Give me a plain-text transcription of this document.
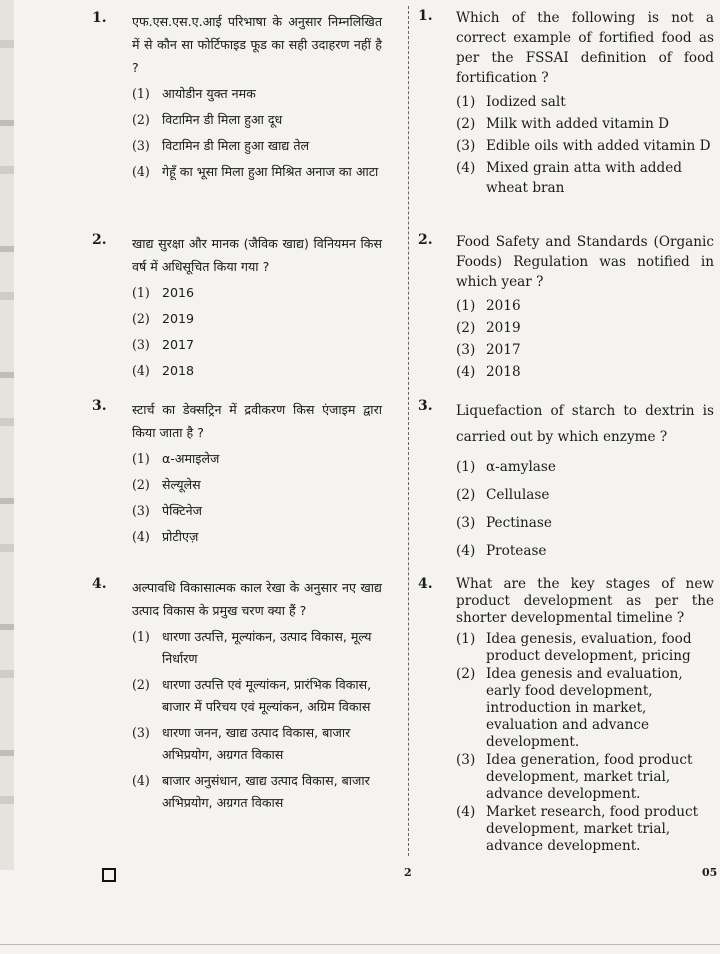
1. एफ.एस.एस.ए.आई परिभाषा के अनुसार निम्नलिखित में से कौन सा फोर्टिफाइड फूड का सही उदाहरण नहीं है ?
(1) आयोडीन युक्त नमक
(2) विटामिन डी मिला हुआ दूध
(3) विटामिन डी मिला हुआ खाद्य तेल
(4) गेहूँ का भूसा मिला हुआ मिश्रित अनाज का आटा
2. खाद्य सुरक्षा और मानक (जैविक खाद्य) विनियमन किस वर्ष में अधिसूचित किया गया ?
(1) 2016
(2) 2019
(3) 2017
(4) 2018
3. स्टार्च का डेक्सट्रिन में द्रवीकरण किस एंजाइम द्वारा किया जाता है ?
(1) α-अमाइलेज
(2) सेल्यूलेस
(3) पेक्टिनेज
(4) प्रोटीएज़
4. अल्पावधि विकासात्मक काल रेखा के अनुसार नए खाद्य उत्पाद विकास के प्रमुख चरण क्या हैं ?
(1) धारणा उत्पत्ति, मूल्यांकन, उत्पाद विकास, मूल्य निर्धारण
(2) धारणा उत्पत्ति एवं मूल्यांकन, प्रारंभिक विकास, बाजार में परिचय एवं मूल्यांकन, अग्रिम विकास
(3) धारणा जनन, खाद्य उत्पाद विकास, बाजार अभिप्रयोग, अग्रगत विकास
(4) बाजार अनुसंधान, खाद्य उत्पाद विकास, बाजार अभिप्रयोग, अग्रगत विकास
1. Which of the following is not a correct example of fortified food as per the FSSAI definition of food fortification ?
(1) Iodized salt
(2) Milk with added vitamin D
(3) Edible oils with added vitamin D
(4) Mixed grain atta with added wheat bran
2. Food Safety and Standards (Organic Foods) Regulation was notified in which year ?
(1) 2016
(2) 2019
(3) 2017
(4) 2018
3. Liquefaction of starch to dextrin is carried out by which enzyme ?
(1) α-amylase
(2) Cellulase
(3) Pectinase
(4) Protease
4. What are the key stages of new product development as per the shorter developmental timeline ?
(1) Idea genesis, evaluation, food product development, pricing
(2) Idea genesis and evaluation, early food development, introduction in market, evaluation and advance development.
(3) Idea generation, food product development, market trial, advance development.
(4) Market research, food product development, market trial, advance development.
2	05
